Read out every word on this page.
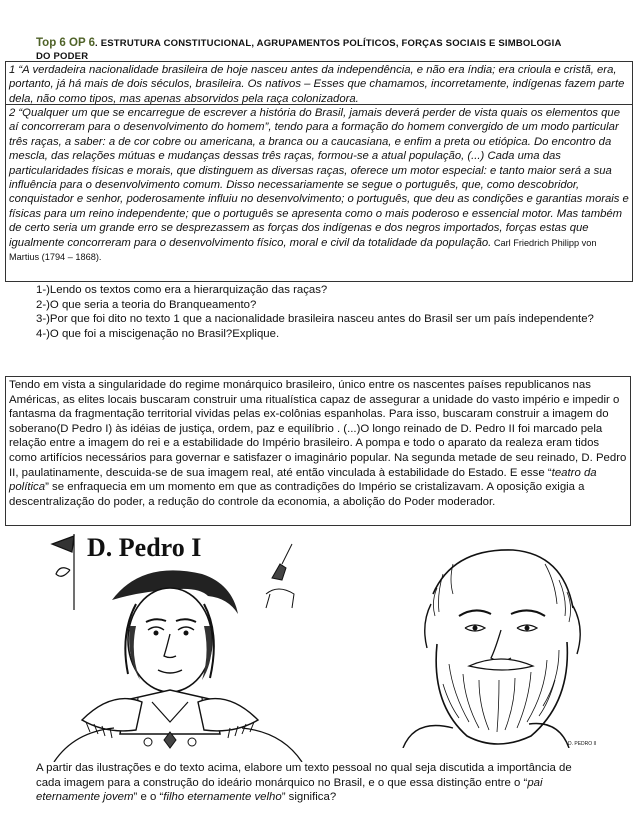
Top 6 OP 6. ESTRUTURA CONSTITUCIONAL, AGRUPAMENTOS POLÍTICOS, FORÇAS SOCIAIS E SIMBOLOGIA
DO PODER
1 “A verdadeira nacionalidade brasileira de hoje nasceu antes da independência, e não era índia; era crioula e cristã, era, portanto, já há mais de dois séculos, brasileira. Os nativos – Esses que chamamos, incorretamente, indígenas fazem parte dela, não como tipos, mas apenas absorvidos pela raça colonizadora.
2 “Qualquer um que se encarregue de escrever a história do Brasil, jamais deverá perder de vista quais os elementos que aí concorreram para o desenvolvimento do homem”, tendo para a formação do homem convergido de um modo particular três raças, a saber: a de cor cobre ou americana, a branca ou a caucasiana, e enfim a preta ou etiópica. Do encontro da mescla, das relações mútuas e mudanças dessas três raças, formou-se a atual população, (...) Cada uma das particularidades físicas e morais, que distinguem as diversas raças, oferece um motor especial: e tanto maior será a sua influência para o desenvolvimento comum. Disso necessariamente se segue o português, que, como descobridor, conquistador e senhor, poderosamente influiu no desenvolvimento; o português, que deu as condições e garantias morais e físicas para um reino independente; que o português se apresenta como o mais poderoso e essencial motor. Mas também de certo seria um grande erro se desprezassem as forças dos indígenas e dos negros importados, forças estas que igualmente concorreram para o desenvolvimento físico, moral e civil da totalidade da população. Carl Friedrich Philipp von Martius (1794 – 1868).
1-)Lendo os textos como era a hierarquização das raças?
2-)O que seria a teoria do Branqueamento?
3-)Por que foi dito no texto 1 que a nacionalidade brasileira nasceu antes do Brasil ser um país independente?
4-)O que foi a miscigenação no Brasil?Explique.
Tendo em vista a singularidade do regime monárquico brasileiro, único entre os nascentes países republicanos nas Américas, as elites locais buscaram construir uma ritualística capaz de assegurar a unidade do vasto império e impedir o fantasma da fragmentação territorial vividas pelas ex-colônias espanholas. Para isso, buscaram construir a imagem do soberano(D Pedro I) às idéias de justiça, ordem, paz e equilíbrio . (...)O longo reinado de D. Pedro II foi marcado pela relação entre a imagem do rei e a estabilidade do Império brasileiro. A pompa e todo o aparato da realeza eram tidos como artifícios necessários para governar e satisfazer o imaginário popular. Na segunda metade de seu reinado, D. Pedro II, paulatinamente, descuida-se de sua imagem real, até então vinculada à estabilidade do Estado. E esse “teatro da política” se enfraquecia em um momento em que as contradições do Império se cristalizavam. A oposição exigia a descentralização do poder, a redução do controle da economia, a abolição do Poder moderador.
D. Pedro I
D. PEDRO II
A partir das ilustrações e do texto acima, elabore um texto pessoal no qual seja discutida a importância de cada imagem para a construção do ideário monárquico no Brasil, e o que essa distinção entre o “pai eternamente jovem” e o “filho eternamente velho” significa?
